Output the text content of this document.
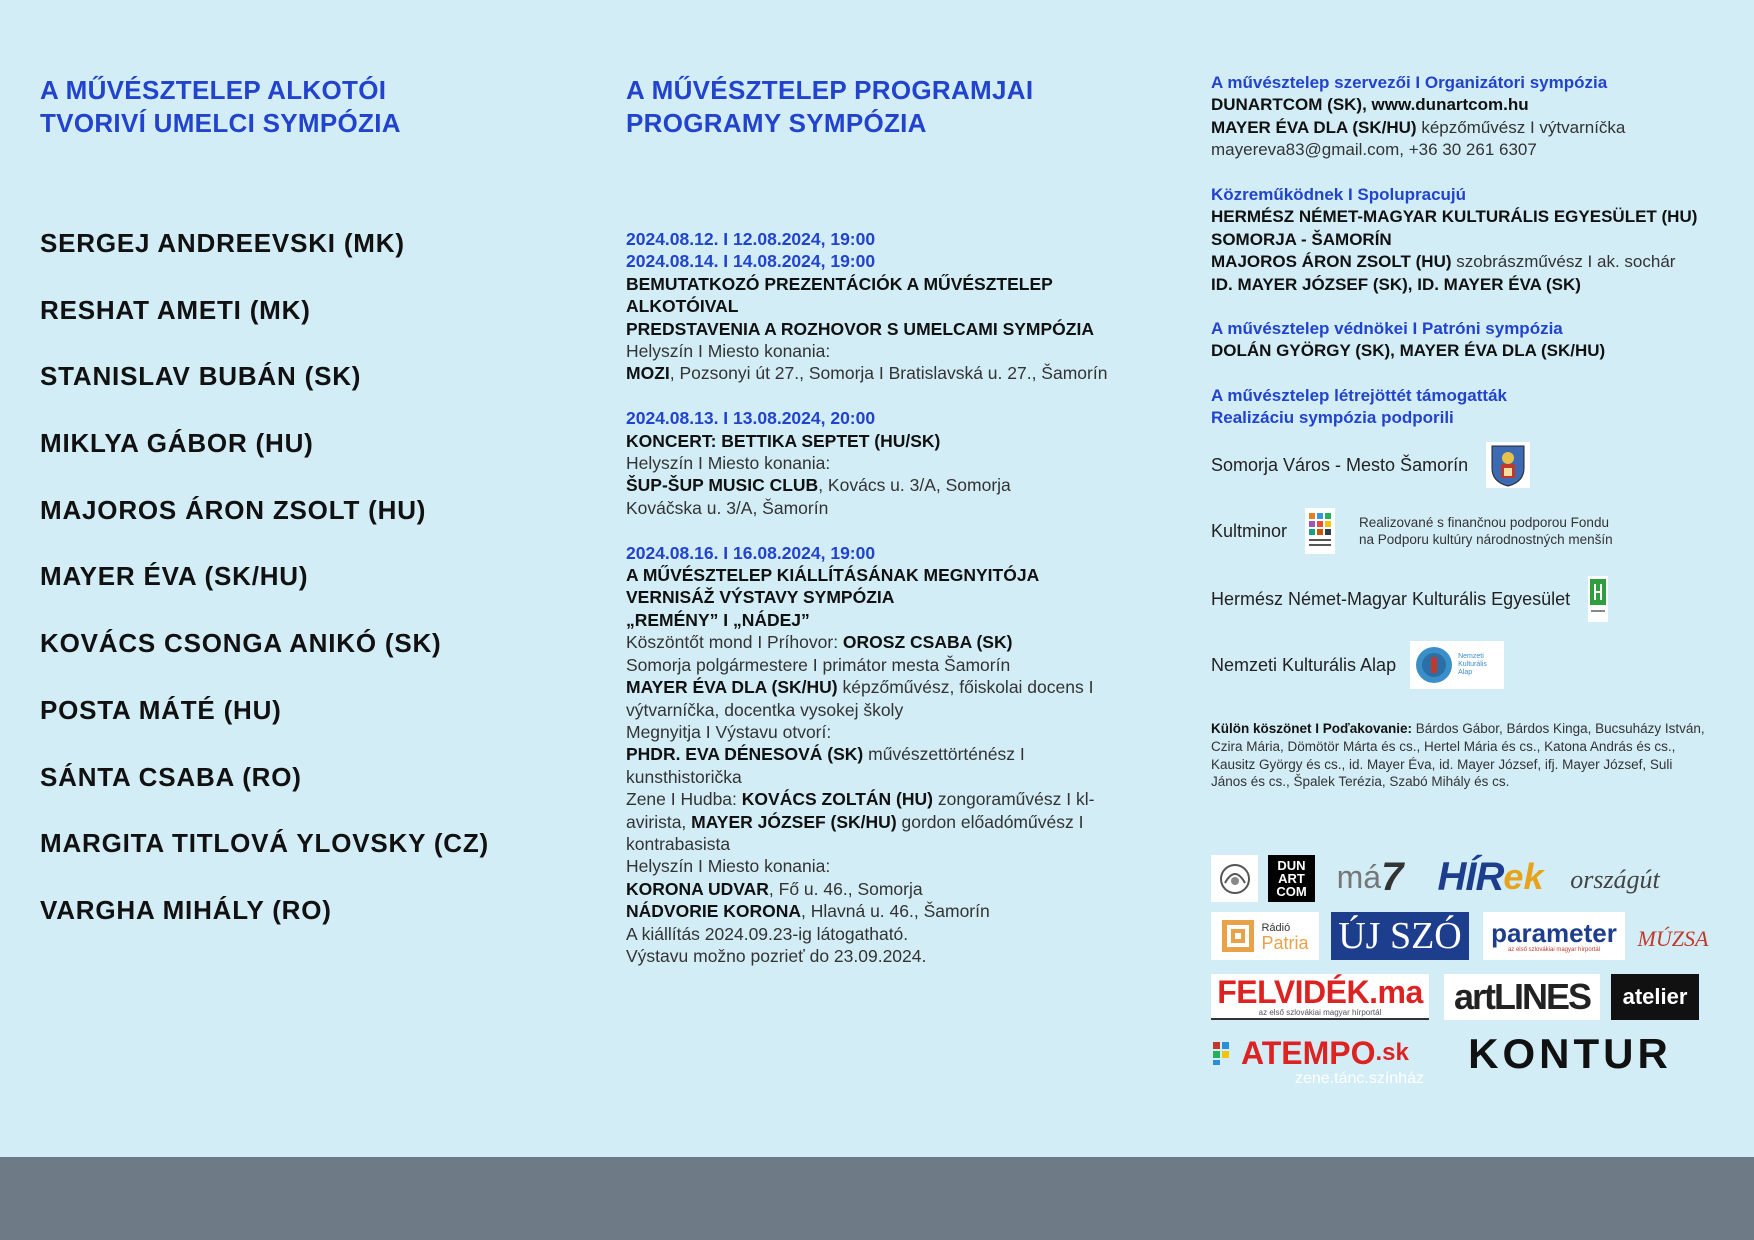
A MŰVÉSZTELEP ALKOTÓI
TVORIVÍ UMELCI SYMPÓZIA
SERGEJ ANDREEVSKI (MK)
RESHAT AMETI (MK)
STANISLAV BUBÁN (SK)
MIKLYA GÁBOR (HU)
MAJOROS ÁRON ZSOLT (HU)
MAYER ÉVA (SK/HU)
KOVÁCS CSONGA ANIKÓ (SK)
POSTA MÁTÉ (HU)
SÁNTA CSABA (RO)
MARGITA TITLOVÁ YLOVSKY (CZ)
VARGHA MIHÁLY (RO)
A MŰVÉSZTELEP PROGRAMJAI
PROGRAMY SYMPÓZIA
2024.08.12. I 12.08.2024, 19:00
2024.08.14. I 14.08.2024, 19:00
BEMUTATKOZÓ PREZENTÁCIÓK A MŰVÉSZTELEP
ALKOTÓIVAL
PREDSTAVENIA A ROZHOVOR S UMELCAMI SYMPÓZIA
Helyszín I Miesto konania:
MOZI, Pozsonyi út 27., Somorja I Bratislavská u. 27., Šamorín
2024.08.13. I 13.08.2024, 20:00
KONCERT: BETTIKA SEPTET (HU/SK)
Helyszín I Miesto konania:
ŠUP-ŠUP MUSIC CLUB, Kovács u. 3/A, Somorja
Kováčska u. 3/A, Šamorín
2024.08.16. I 16.08.2024, 19:00
A MŰVÉSZTELEP KIÁLLÍTÁSÁNAK MEGNYITÓJA
VERNISÁŽ VÝSTAVY SYMPÓZIA
„REMÉNY” I „NÁDEJ”
Köszöntőt mond I Príhovor: OROSZ CSABA (SK)
Somorja polgármestere I primátor mesta Šamorín
MAYER ÉVA DLA (SK/HU) képzőművész, főiskolai docens I
výtvarníčka, docentka vysokej školy
Megnyitja I Výstavu otvorí:
PHDR. EVA DÉNESOVÁ (SK) művészettörténész I
kunsthistorička
Zene I Hudba: KOVÁCS ZOLTÁN (HU) zongoraművész I kl-
avirista, MAYER JÓZSEF (SK/HU) gordon előadóművész I
kontrabasista
Helyszín I Miesto konania:
KORONA UDVAR, Fő u. 46., Somorja
NÁDVORIE KORONA, Hlavná u. 46., Šamorín
A kiállítás 2024.09.23-ig látogatható.
Výstavu možno pozrieť do 23.09.2024.
A művésztelep szervezői I Organizátori sympózia
DUNARTCOM (SK), www.dunartcom.hu
MAYER ÉVA DLA (SK/HU) képzőművész I výtvarníčka
mayereva83@gmail.com, +36 30 261 6307
Közreműködnek I Spolupracujú
HERMÉSZ NÉMET-MAGYAR KULTURÁLIS EGYESÜLET (HU)
SOMORJA - ŠAMORÍN
MAJOROS ÁRON ZSOLT (HU) szobrászművész I ak. sochár
ID. MAYER JÓZSEF (SK), ID. MAYER ÉVA (SK)
A művésztelep védnökei I Patróni sympózia
DOLÁN GYÖRGY (SK), MAYER ÉVA DLA (SK/HU)
A művésztelep létrejöttét támogatták
Realizáciu sympózia podporili
Somorja Város - Mesto Šamorín
Kultminor	Realizované s finančnou podporou Fondu
na Podporu kultúry národnostných menšín
Hermész Német-Magyar Kulturális Egyesület
Nemzeti Kulturális Alap	Nemzeti
Kulturális
Alap
Külön köszönet I Poďakovanie: Bárdos Gábor, Bárdos Kinga, Bucsuházy István, Czira Mária, Dömötör Márta és cs., Hertel Mária és cs., Katona András és cs., Kausitz György és cs., id. Mayer Éva, id. Mayer József, ifj. Mayer József, Suli János és cs., Špalek Terézia, Szabó Mihály és cs.
DUN
ART
COM má 7 HÍR ek országút
Rádió
Patria ÚJ SZÓ parameter
az első szlovákiai magyar hírportál MÚZSA
FELVIDÉK.ma
az első szlovákiai magyar hírportál artLINES atelier
ATEMPO .sk
zene.tánc.színház
KONTUR
